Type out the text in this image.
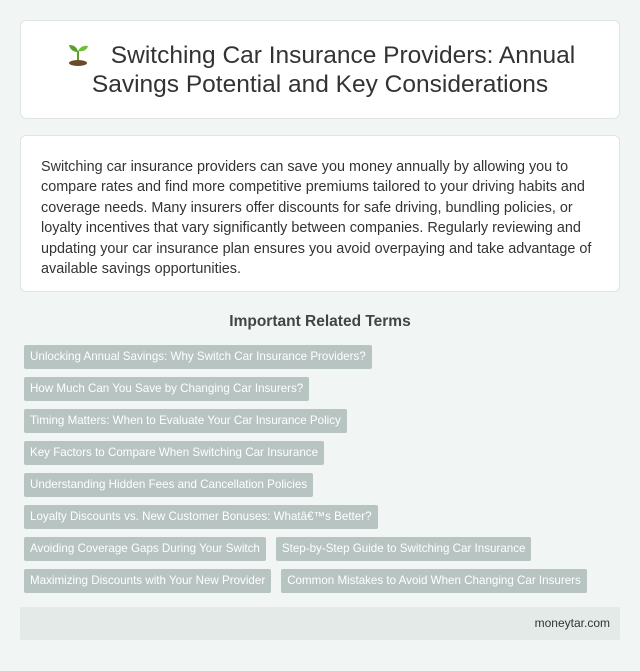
Switching Car Insurance Providers: Annual Savings Potential and Key Considerations

Switching car insurance providers can save you money annually by allowing you to compare rates and find more competitive premiums tailored to your driving habits and coverage needs. Many insurers offer discounts for safe driving, bundling policies, or loyalty incentives that vary significantly between companies. Regularly reviewing and updating your car insurance plan ensures you avoid overpaying and take advantage of available savings opportunities.

Important Related Terms
Unlocking Annual Savings: Why Switch Car Insurance Providers?
How Much Can You Save by Changing Car Insurers?
Timing Matters: When to Evaluate Your Car Insurance Policy
Key Factors to Compare When Switching Car Insurance
Understanding Hidden Fees and Cancellation Policies
Loyalty Discounts vs. New Customer Bonuses: Whatâ€™s Better?
Avoiding Coverage Gaps During Your Switch	Step-by-Step Guide to Switching Car Insurance
Maximizing Discounts with Your New Provider	Common Mistakes to Avoid When Changing Car Insurers
moneytar.com
